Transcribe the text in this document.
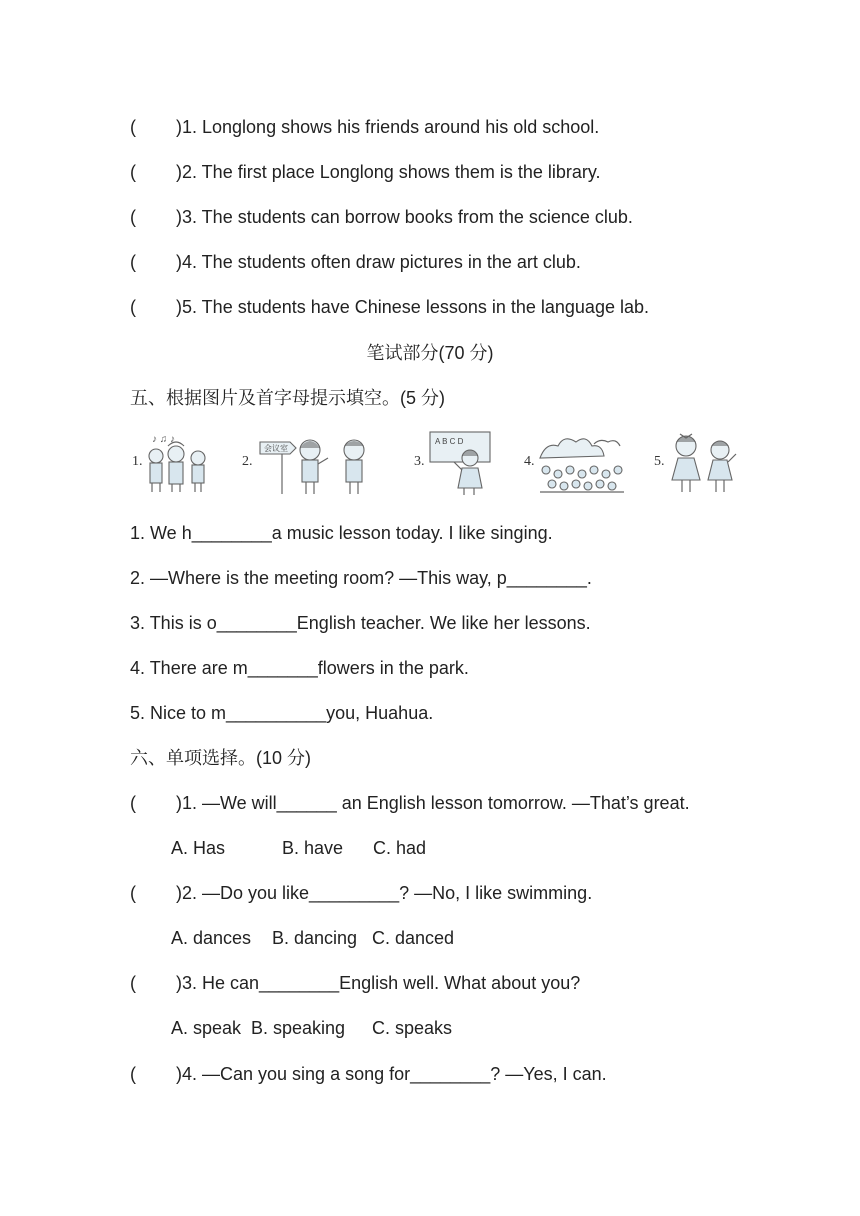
(	)1. Longlong shows his friends around his old school.
(	)2. The first place Longlong shows them is the library.
(	)3. The students can borrow books from the science club.
(	)4. The students often draw pictures in the art club.
(	)5. The students have Chinese lessons in the language lab.
笔试部分(70 分)
五、根据图片及首字母提示填空。(5 分)
1.
♪ ♫ ♪
2.
会议室
3.
A B C D
4.	5.
1. We h________a music lesson today. I like singing.
2. —Where is the meeting room? —This way, p________.
3. This is o________English teacher. We like her lessons.
4. There are m_______flowers in the park.
5. Nice to m__________you, Huahua.
六、单项选择。(10 分)
(	)1. —We will______ an English lesson tomorrow. —That’s great.
A. Has	B. have C. had
(	)2. —Do you like_________? —No, I like swimming.
A. dances B. dancing C. danced
(	)3. He can________English well. What about you?
A. speak B. speaking C. speaks
(	)4. —Can you sing a song for________? —Yes, I can.
